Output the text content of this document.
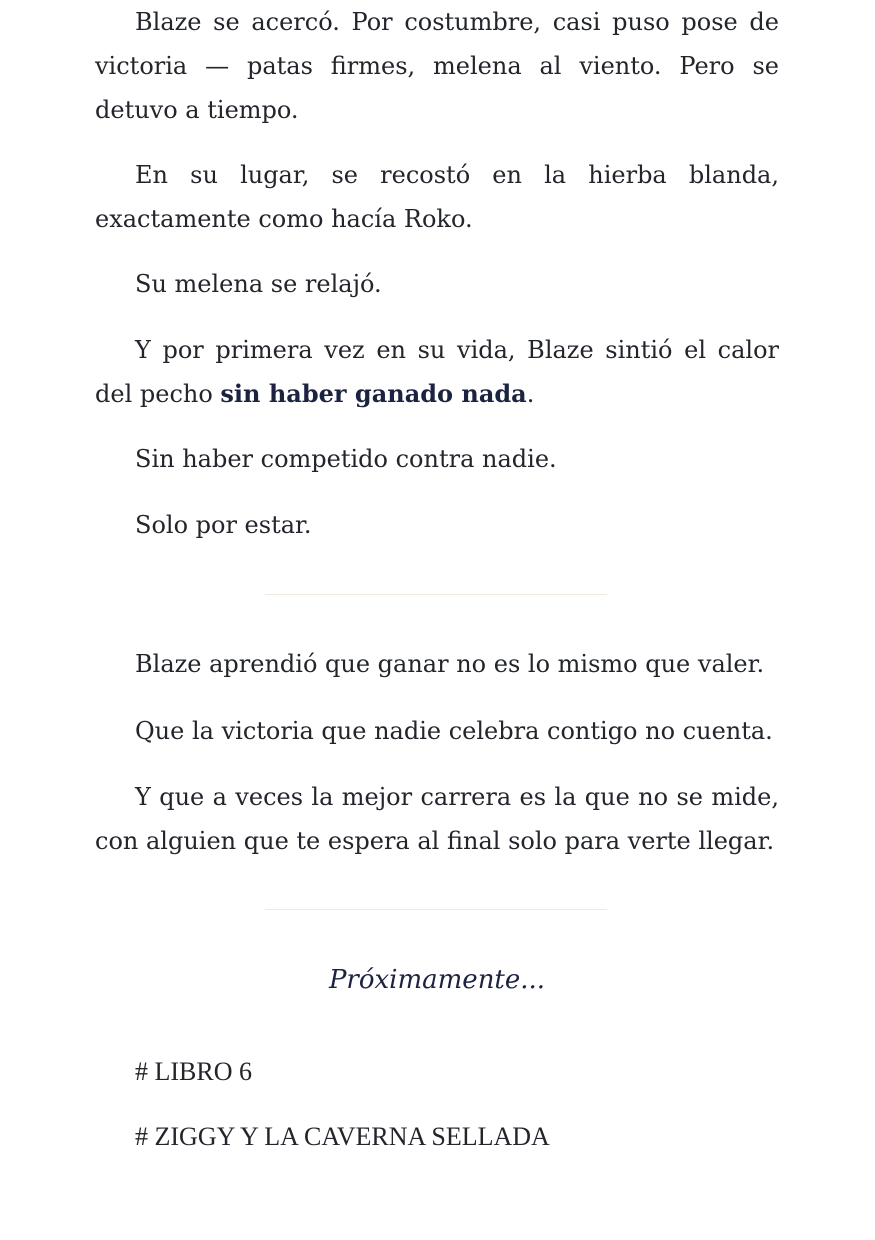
Blaze se acercó. Por costumbre, casi puso pose de victoria — patas firmes, melena al viento. Pero se detuvo a tiempo.

En su lugar, se recostó en la hierba blanda, exactamente como hacía Roko.

Su melena se relajó.

Y por primera vez en su vida, Blaze sintió el calor del pecho sin haber ganado nada.

Sin haber competido contra nadie.

Solo por estar.

Blaze aprendió que ganar no es lo mismo que valer.

Que la victoria que nadie celebra contigo no cuenta.

Y que a veces la mejor carrera es la que no se mide, con alguien que te espera al final solo para verte llegar.

Próximamente...

# LIBRO 6

# ZIGGY Y LA CAVERNA SELLADA
